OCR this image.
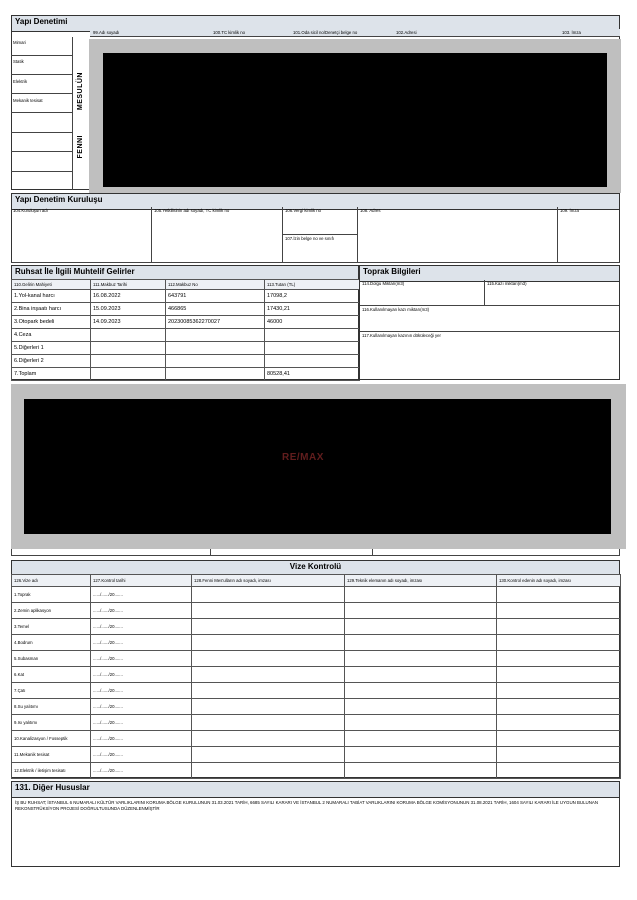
Yapı Denetimi
99.Adı soyadı	100.TC kimlik no	101.Oda sicil no/Denetçi belge no	102.Adresi	103. İmza
Mimari
Statik
Elektrik
Mekanik tesisat	MESULÜN
FENNI
Yapı Denetim Kuruluşu
104.Kuruluşun adı	105.Yetkilisinin adı soyadı, TC kimlik no	106.Vergi kimlik no
107.İzin belge no ve sınıfı
108. Adres	109. İmza
Ruhsat İle İlgili Muhtelif Gelirler
110.Gelirin Mahiyeti	111.Makbuz Tarihi	112.Makbuz No	113.Tutarı (TL)
1.Yol-kanal harcı	16.08.2022	643791	17098,2
2.Bina inşaatı harcı	15.09.2023	466865	17430,21
3.Otopark bedeli	14.09.2023	20230085362270027	46000
4.Ceza			
5.Diğerleri 1			
6.Diğerleri 2			
7.Toplam			80528,41
Toprak Bilgileri
114.Dolgu Miktarı(m3)	115.Kazı miktarı(m3)
116.Kullanılmayan kazı miktarı(m3)
117.Kullanılmayan kazının döküleceği yer
RE/MAX
Vize Kontrolü
126.Vize adı	127.Kontrol tarihi	128.Fenni Mes'ulların adı soyadı, imzası	129.Teknik elemanın adı soyadı, imzası	130.Kontrol edenin adı soyadı, imzası
1.Toprak	....../....../20.......			
2.Zemin aplikasyon	....../....../20.......			
3.Temel	....../....../20.......			
4.Bodrum	....../....../20.......			
5.Subasman	....../....../20.......			
6.Kat	....../....../20.......			
7.Çatı	....../....../20.......			
8.Su yalıtımı	....../....../20.......			
9.Isı yalıtımı	....../....../20.......			
10.Kanalizasyon / Fosseptik	....../....../20.......			
11.Mekanik tesisat	....../....../20.......			
12.Elektrik / iletişim tesisatı	....../....../20.......			
131. Diğer Hususlar
İŞ BU RUHSAT; İSTANBUL 6 NUMARALI KÜLTÜR VARLIKLARINI KORUMA BÖLGE KURULUNUN 31.03.2021 TARİH, 6685 SAYILI KARARI VE İSTANBUL 2 NUMARALI TABİAT VARLIKLARINI KORUMA BÖLGE KOMİSYONUNUN 31.08.2021 TARİH, 1604 SAYILI KARARI İLE UYGUN BULUNAN REKONSTRÜKSİYON PROJESİ DOĞRULTUSUNDA DÜZENLENMİŞTİR
